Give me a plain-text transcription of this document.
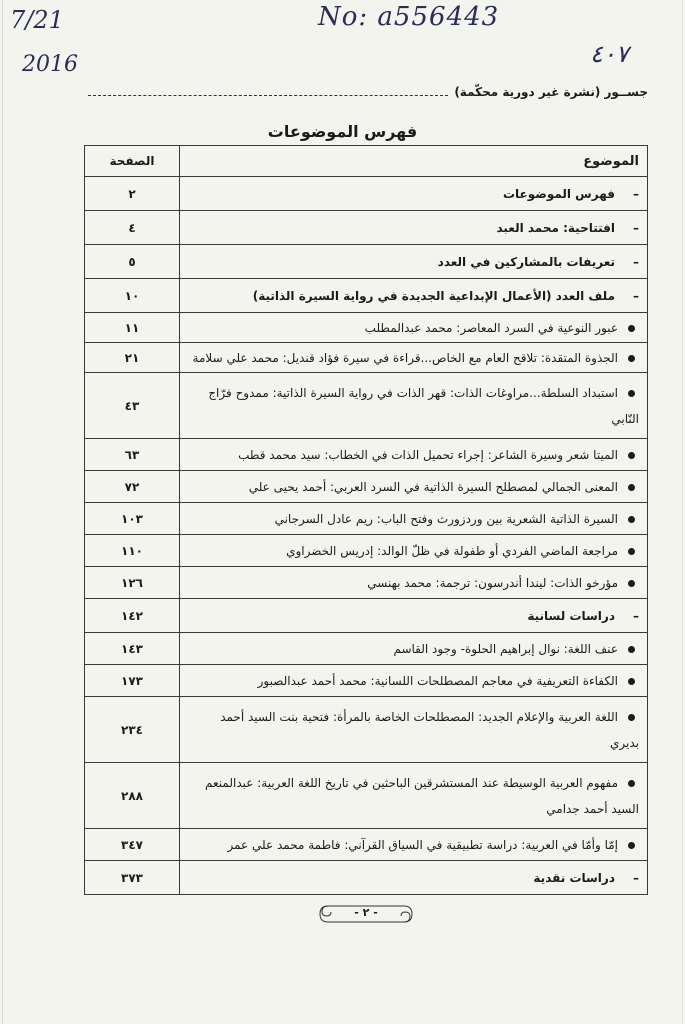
7/21
2016
No: a556443
٤٠٧
جســور (نشرة غير دورية محكّمة)
فهرس الموضوعات
الموضوع	الصفحة
–فهرس الموضوعات	٢
–افتتاحية: محمد العبد	٤
–تعريفات بالمشاركين في العدد	٥
–ملف العدد (الأعمال الإبداعية الجديدة في رواية السيرة الذاتية)	١٠
عبور النوعية في السرد المعاصر: محمد عبدالمطلب	١١
الجذوة المتقدة: تلاقح العام مع الخاص...قراءة في سيرة فؤاد قنديل: محمد علي سلامة	٢١
استبداد السلطة...مراوغات الذات: قهر الذات في رواية السيرة الذاتية: ممدوح فرّاج النّابي	٤٣
الميتا شعر وسيرة الشاعر: إجراء تحميل الذات في الخطاب: سيد محمد قطب	٦٣
المعنى الجمالي لمصطلح السيرة الذاتية في السرد العربي: أحمد يحيى علي	٧٢
السيرة الذاتية الشعرية بين وردزورث وفتح الباب: ريم عادل السرجاني	١٠٣
مراجعة الماضي الفردي أو طفولة في ظلّ الوالد: إدريس الخضراوي	١١٠
مؤرخو الذات: ليندا أندرسون: ترجمة: محمد بهنسي	١٢٦
–دراسات لسانية	١٤٢
عنف اللغة: نوال إبراهيم الحلوة- وجود القاسم	١٤٣
الكفاءة التعريفية في معاجم المصطلحات اللسانية: محمد أحمد عبدالصبور	١٧٣
اللغة العربية والإعلام الجديد: المصطلحات الخاصة بالمرأة: فتحية بنت السيد أحمد بديري	٢٣٤
مفهوم العربية الوسيطة عند المستشرقين الباحثين في تاريخ اللغة العربية: عبدالمنعم السيد أحمد جدامي	٢٨٨
إمّا وأمّا في العربية: دراسة تطبيقية في السياق القرآني: فاطمة محمد علي عمر	٣٤٧
–دراسات نقدية	٣٧٣
- ٢ -
